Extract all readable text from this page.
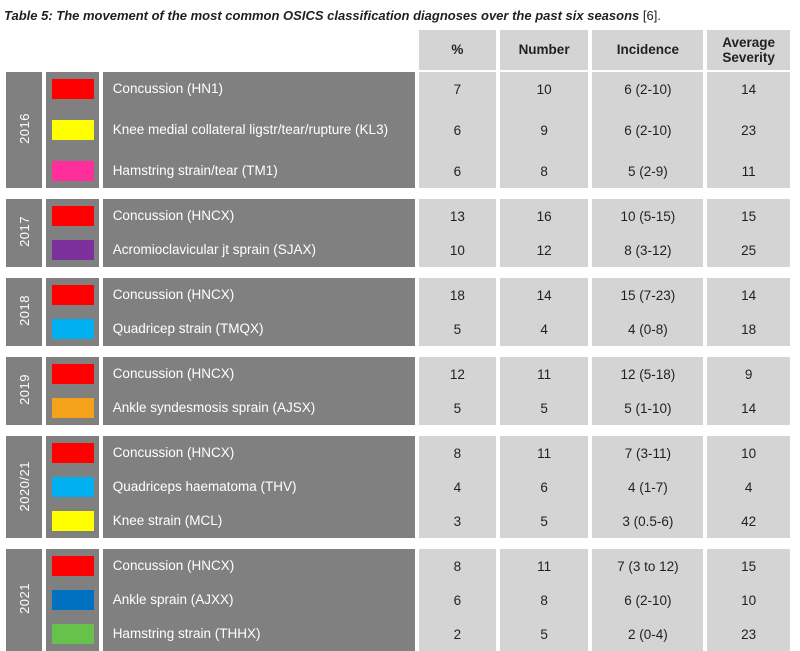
Table 5: The movement of the most common OSICS classification diagnoses over the past six seasons [6].
			%	Number	Incidence	Average Severity

2016		Concussion (HN1)	7	10	6 (2-10)	14

		Knee medial collateral ligstr/tear/rupture (KL3)	6	9	6 (2-10)	23

		Hamstring strain/tear (TM1)	6	8	5 (2-9)	11

2017		Concussion (HNCX)	13	16	10 (5-15)	15

		Acromioclavicular jt sprain (SJAX)	10	12	8 (3-12)	25

2018		Concussion (HNCX)	18	14	15 (7-23)	14

		Quadricep strain (TMQX)	5	4	4 (0-8)	18

2019		Concussion (HNCX)	12	11	12 (5-18)	9

		Ankle syndesmosis sprain (AJSX)	5	5	5 (1-10)	14

2020/21		Concussion (HNCX)	8	11	7 (3-11)	10

		Quadriceps haematoma (THV)	4	6	4 (1-7)	4

		Knee strain (MCL)	3	5	3 (0.5-6)	42

2021		Concussion (HNCX)	8	11	7 (3 to 12)	15

		Ankle sprain (AJXX)	6	8	6 (2-10)	10

		Hamstring strain (THHX)	2	5	2 (0-4)	23
